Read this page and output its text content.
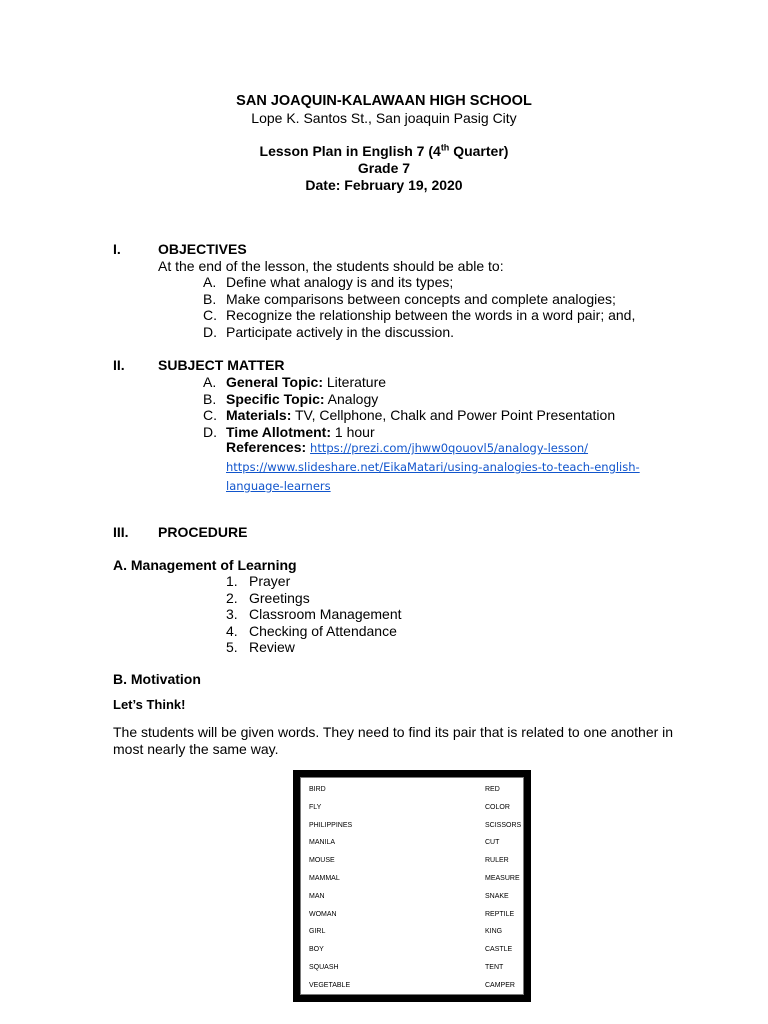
SAN JOAQUIN-KALAWAAN HIGH SCHOOL
Lope K. Santos St., San joaquin Pasig City
Lesson Plan in English 7 (4th Quarter)
Grade 7
Date: February 19, 2020
I.	OBJECTIVES
At the end of the lesson, the students should be able to:
A. Define what analogy is and its types;
B. Make comparisons between concepts and complete analogies;
C. Recognize the relationship between the words in a word pair; and,
D. Participate actively in the discussion.
II. SUBJECT MATTER
A. General Topic: Literature
B. Specific Topic: Analogy
C. Materials: TV, Cellphone, Chalk and Power Point Presentation
D. Time Allotment: 1 hour
References: https://prezi.com/jhww0qouovl5/analogy-lesson/
https://www.slideshare.net/EikaMatari/using-analogies-to-teach-english-
language-learners
III. PROCEDURE
A. Management of Learning
1. Prayer
2. Greetings
3. Classroom Management
4. Checking of Attendance
5. Review
B. Motivation
Let’s Think!
The students will be given words. They need to find its pair that is related to one another in most nearly the same way.
BIRD	RED
FLY	COLOR
PHILIPPINES	SCISSORS
MANILA	CUT
MOUSE	RULER
MAMMAL	MEASURE
MAN	SNAKE
WOMAN	REPTILE
GIRL	KING
BOY	CASTLE
SQUASH	TENT
VEGETABLE	CAMPER
